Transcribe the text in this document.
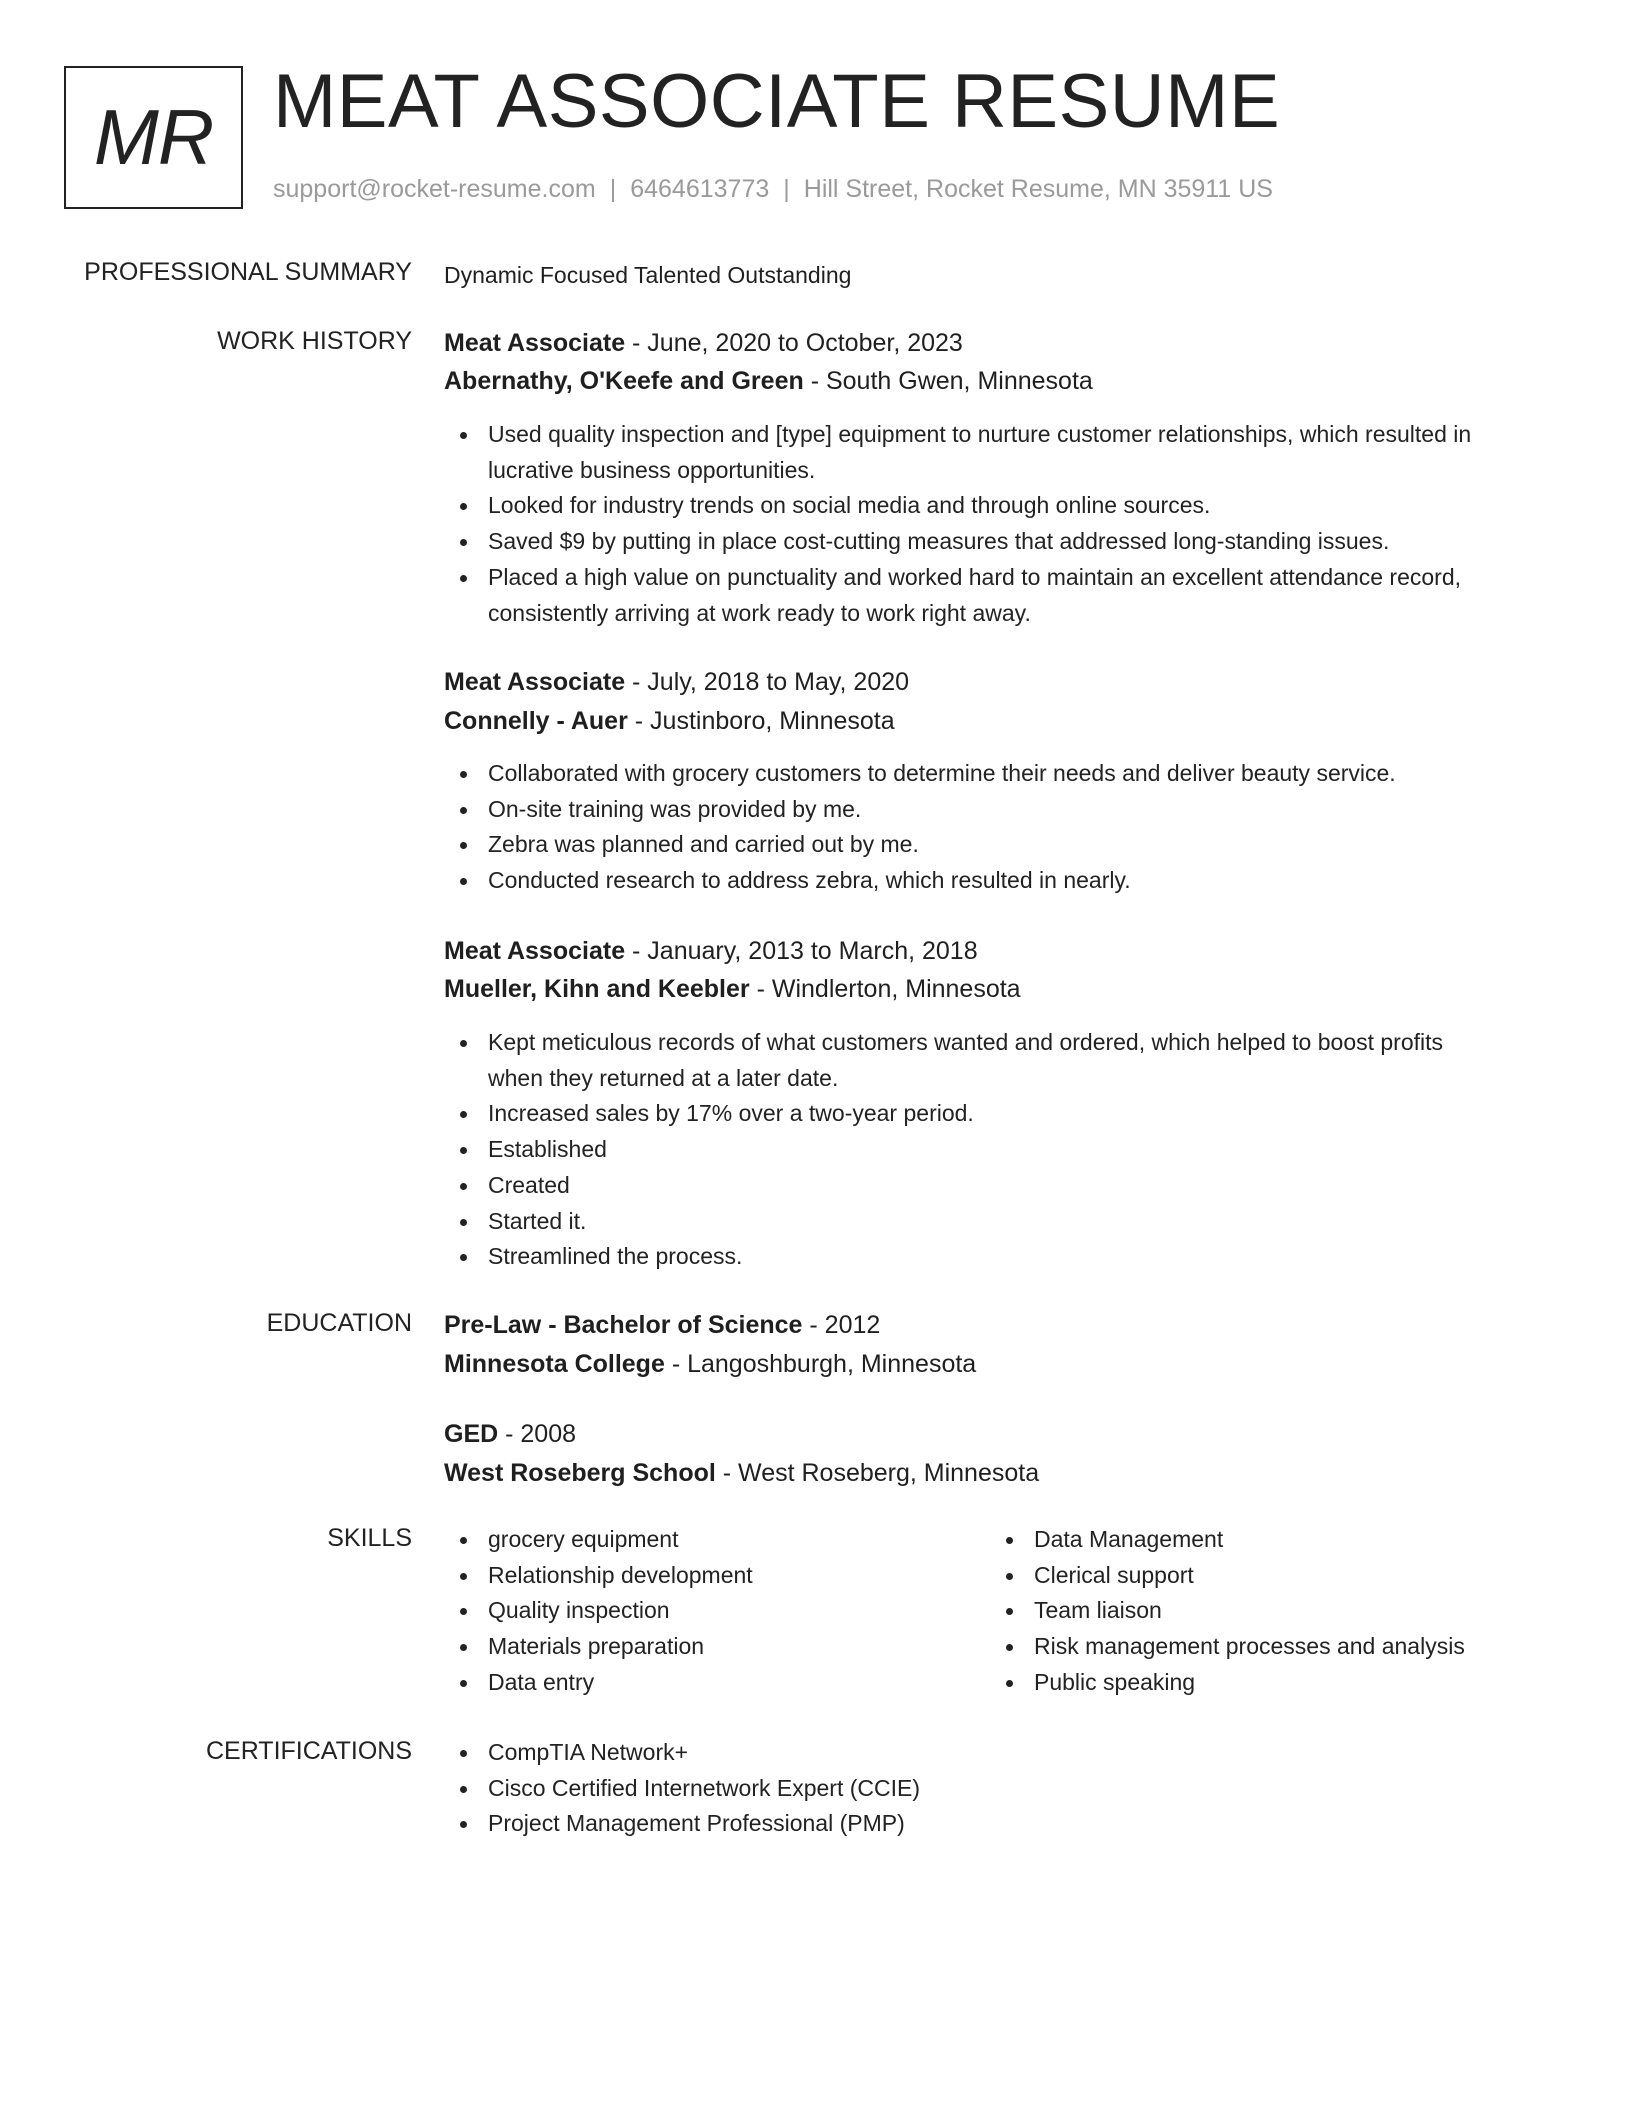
MR MEAT ASSOCIATE RESUME
support@rocket-resume.com | 6464613773 | Hill Street, Rocket Resume, MN 35911 US
PROFESSIONAL SUMMARY Dynamic Focused Talented Outstanding
WORK HISTORY Meat Associate - June, 2020 to October, 2023
Abernathy, O'Keefe and Green - South Gwen, Minnesota
Used quality inspection and [type] equipment to nurture customer relationships, which resulted in
lucrative business opportunities.
Looked for industry trends on social media and through online sources.
Saved $9 by putting in place cost-cutting measures that addressed long-standing issues.
Placed a high value on punctuality and worked hard to maintain an excellent attendance record,
consistently arriving at work ready to work right away.
Meat Associate - July, 2018 to May, 2020
Connelly - Auer - Justinboro, Minnesota
Collaborated with grocery customers to determine their needs and deliver beauty service.
On-site training was provided by me.
Zebra was planned and carried out by me.
Conducted research to address zebra, which resulted in nearly.
Meat Associate - January, 2013 to March, 2018
Mueller, Kihn and Keebler - Windlerton, Minnesota
Kept meticulous records of what customers wanted and ordered, which helped to boost profits
when they returned at a later date.
Increased sales by 17% over a two-year period.
Established
Created
Started it.
Streamlined the process.
EDUCATION Pre-Law - Bachelor of Science - 2012
Minnesota College - Langoshburgh, Minnesota
GED - 2008
West Roseberg School - West Roseberg, Minnesota
SKILLS	grocery equipment
Relationship development
Quality inspection
Materials preparation
Data entry
Data Management
Clerical support
Team liaison
Risk management processes and analysis
Public speaking
CERTIFICATIONS	CompTIA Network+
Cisco Certified Internetwork Expert (CCIE)
Project Management Professional (PMP)
